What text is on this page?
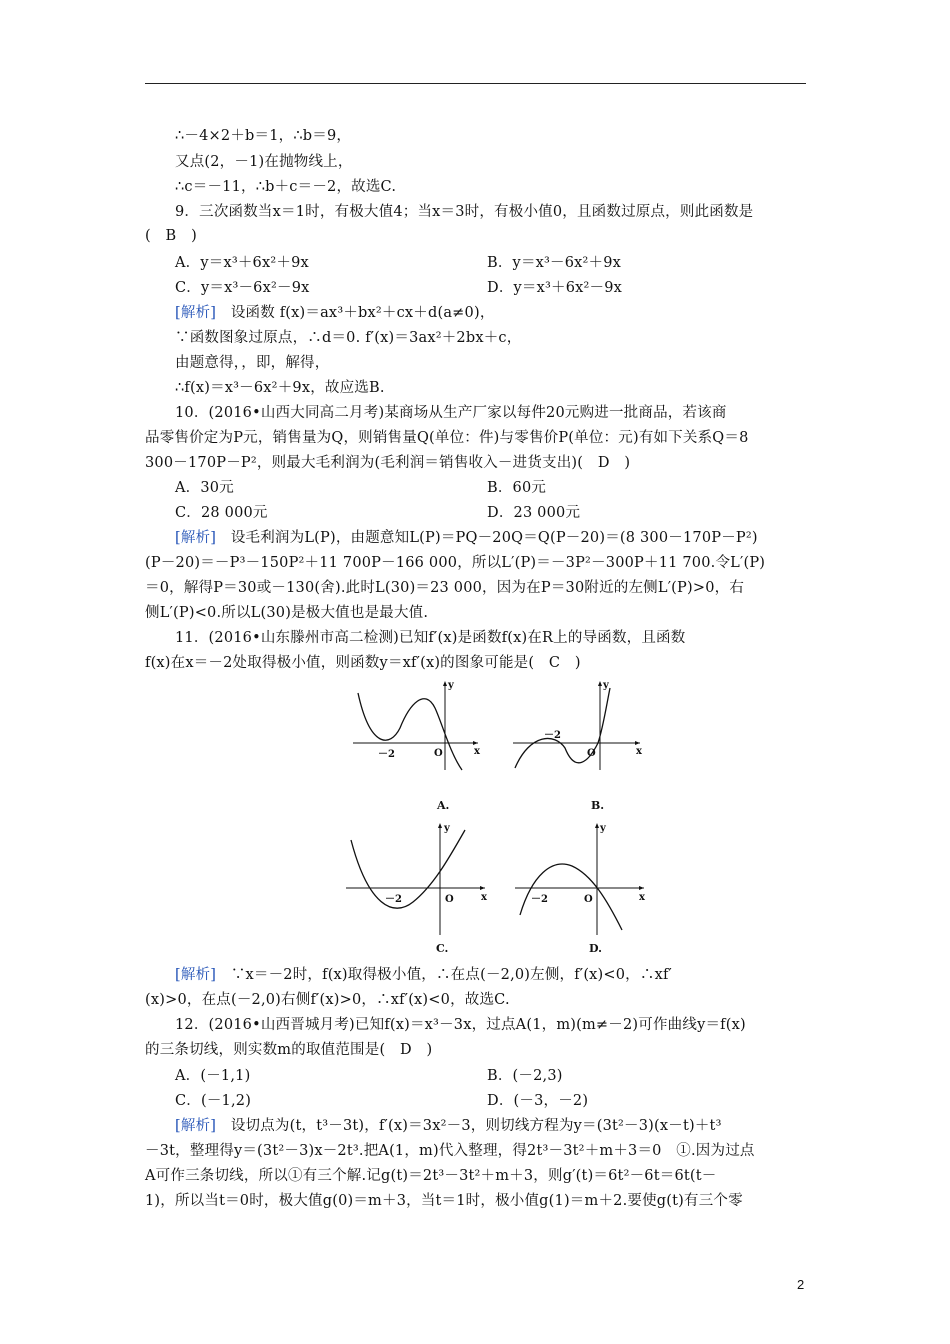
∴－4×2＋b＝1，∴b＝9，
又点(2，－1)在抛物线上，
∴c＝－11，∴b＋c＝－2，故选C.
9．三次函数当x＝1时，有极大值4；当x＝3时，有极小值0，且函数过原点，则此函数是
(　B　)
A．y＝x³＋6x²＋9x	B．y＝x³－6x²＋9x
C．y＝x³－6x²－9x	D．y＝x³＋6x²－9x
[解析]　设函数 f(x)＝ax³＋bx²＋cx＋d(a≠0)，
∵函数图象过原点，∴d＝0. f′(x)＝3ax²＋2bx＋c，
由题意得，，即，解得，
∴f(x)＝x³－6x²＋9x，故应选B.
10．(2016•山西大同高二月考)某商场从生产厂家以每件20元购进一批商品，若该商
品零售价定为P元，销售量为Q，则销售量Q(单位：件)与零售价P(单位：元)有如下关系Q＝8
300－170P－P²，则最大毛利润为(毛利润＝销售收入－进货支出)(　D　)
A．30元	B．60元
C．28 000元	D．23 000元
[解析]　设毛利润为L(P)，由题意知L(P)＝PQ－20Q＝Q(P－20)＝(8 300－170P－P²)
(P－20)＝－P³－150P²＋11 700P－166 000，所以L′(P)＝－3P²－300P＋11 700.令L′(P)
＝0，解得P＝30或－130(舍).此时L(30)＝23 000，因为在P＝30附近的左侧L′(P)>0，右
侧L′(P)<0.所以L(30)是极大值也是最大值.
11．(2016•山东滕州市高二检测)已知f′(x)是函数f(x)在R上的导函数，且函数
f(x)在x＝－2处取得极小值，则函数y＝xf′(x)的图象可能是(　C　)
[解析]　∵x＝－2时，f(x)取得极小值，∴在点(－2,0)左侧，f′(x)<0，∴xf′
(x)>0，在点(－2,0)右侧f′(x)>0，∴xf′(x)<0，故选C.
12．(2016•山西晋城月考)已知f(x)＝x³－3x，过点A(1，m)(m≠－2)可作曲线y＝f(x)
的三条切线，则实数m的取值范围是(　D　)
A．(－1,1)	B．(－2,3)
C．(－1,2)	D．(－3，－2)
[解析]　设切点为(t，t³－3t)，f′(x)＝3x²－3，则切线方程为y＝(3t²－3)(x－t)＋t³
－3t，整理得y＝(3t²－3)x－2t³.把A(1，m)代入整理，得2t³－3t²＋m＋3＝0　①.因为过点
A可作三条切线，所以①有三个解.记g(t)＝2t³－3t²＋m＋3，则g′(t)＝6t²－6t＝6t(t－
1)，所以当t＝0时，极大值g(0)＝m＋3，当t＝1时，极小值g(1)＝m＋2.要使g(t)有三个零
y
x
O
－2
A.
y
x
O
－2
B.
y
x
O
－2
C.
y
x
O
－2
D.
2
